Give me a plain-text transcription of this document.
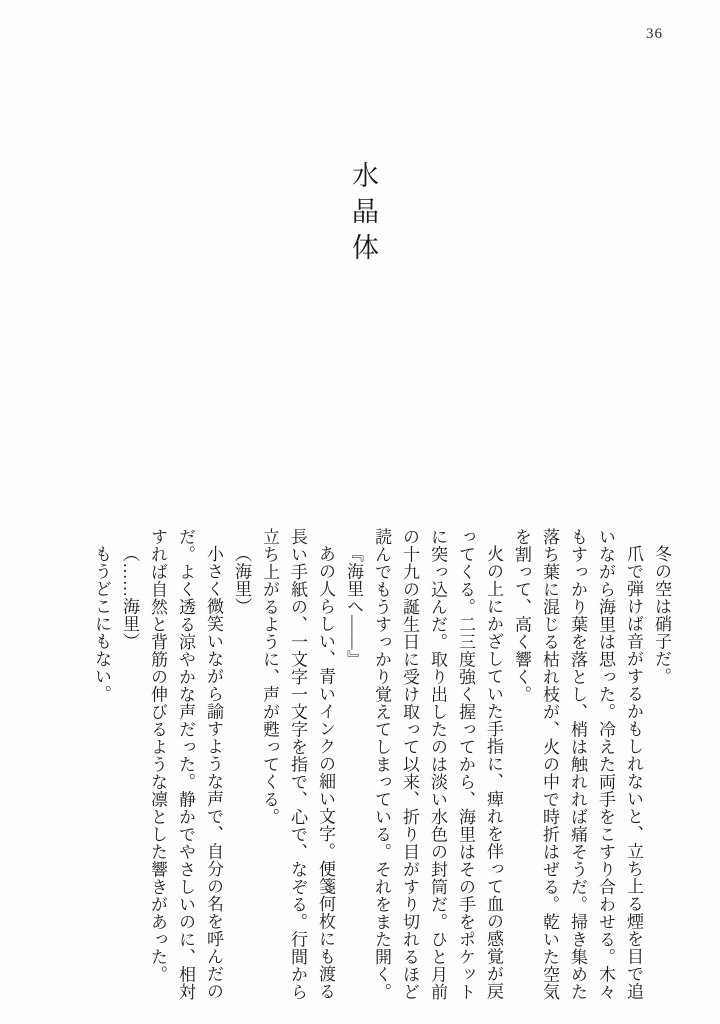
36
水晶体

冬の空は硝子だ。

爪で弾けば音がするかもしれないと、立ち上る煙を目で追いながら海里は思った。冷えた両手をこすり合わせる。木々もすっかり葉を落とし、梢は触れれば痛そうだ。掃き集めた落ち葉に混じる枯れ枝が、火の中で時折はぜる。乾いた空気を割って、高く響く。

火の上にかざしていた手指に、痺れを伴って血の感覚が戻ってくる。二三度強く握ってから、海里はその手をポケットに突っ込んだ。取り出したのは淡い水色の封筒だ。ひと月前の十九の誕生日に受け取って以来、折り目がすり切れるほど読んでもうすっかり覚えてしまっている。それをまた開く。

『海里へ――』

あの人らしい、青いインクの細い文字。便箋何枚にも渡る長い手紙の、一文字一文字を指で、心で、なぞる。行間から立ち上がるように、声が甦ってくる。

（海里）

小さく微笑いながら諭すような声で、自分の名を呼んだのだ。よく透る涼やかな声だった。静かでやさしいのに、相対すれば自然と背筋の伸びるような凛とした響きがあった。

（……海里）

もうどこにもない。
